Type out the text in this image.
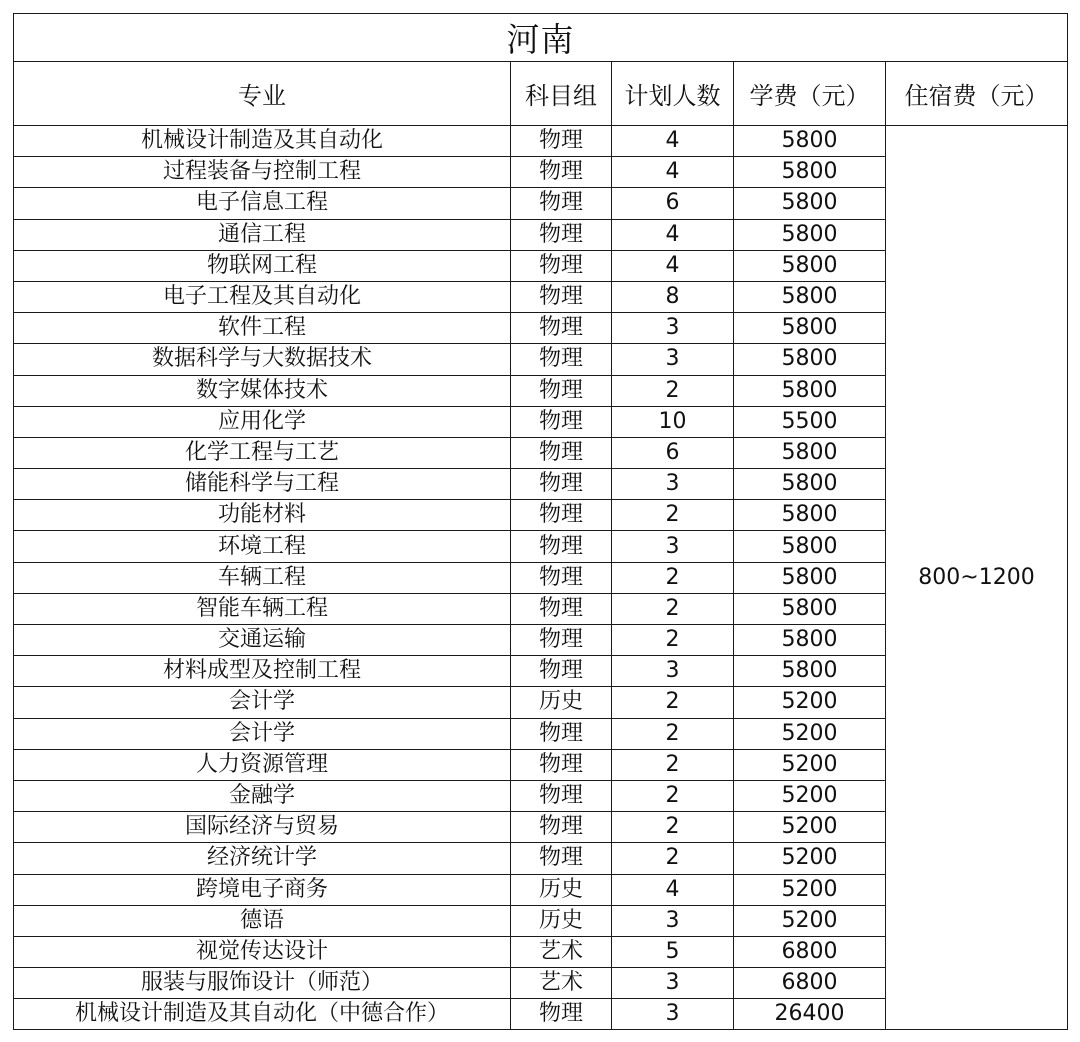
河南				
专业	科目组	计划人数	学费（元）	住宿费（元）
机械设计制造及其自动化	物理	4	5800	800~1200
过程装备与控制工程	物理	4	5800	
电子信息工程	物理	6	5800	
通信工程	物理	4	5800	
物联网工程	物理	4	5800	
电子工程及其自动化	物理	8	5800	
软件工程	物理	3	5800	
数据科学与大数据技术	物理	3	5800	
数字媒体技术	物理	2	5800	
应用化学	物理	10	5500	
化学工程与工艺	物理	6	5800	
储能科学与工程	物理	3	5800	
功能材料	物理	2	5800	
环境工程	物理	3	5800	
车辆工程	物理	2	5800	
智能车辆工程	物理	2	5800	
交通运输	物理	2	5800	
材料成型及控制工程	物理	3	5800	
会计学	历史	2	5200	
会计学	物理	2	5200	
人力资源管理	物理	2	5200	
金融学	物理	2	5200	
国际经济与贸易	物理	2	5200	
经济统计学	物理	2	5200	
跨境电子商务	历史	4	5200	
德语	历史	3	5200	
视觉传达设计	艺术	5	6800	
服装与服饰设计（师范）	艺术	3	6800	
机械设计制造及其自动化（中德合作）	物理	3	26400	
